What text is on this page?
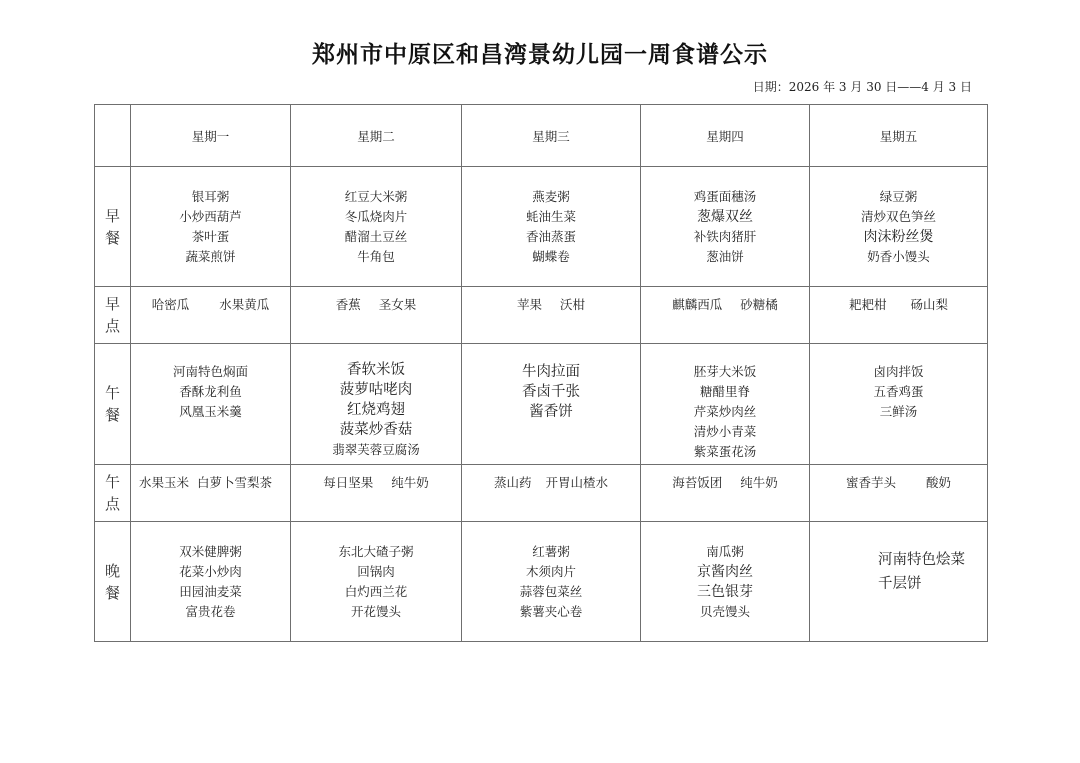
郑州市中原区和昌湾景幼儿园一周食谱公示
日期：2026 年 3 月 30 日——4 月 3 日
	星期一	星期二	星期三	星期四	星期五

早
餐	银耳粥
小炒西葫芦
茶叶蛋
蔬菜煎饼	红豆大米粥
冬瓜烧肉片
醋溜土豆丝
牛角包	燕麦粥
蚝油生菜
香油蒸蛋
蝴蝶卷	鸡蛋面穗汤
葱爆双丝
补铁肉猪肝
葱油饼	绿豆粥
清炒双色笋丝
肉沫粉丝煲
奶香小馒头

早
点	哈密瓜 水果黄瓜	香蕉 圣女果	苹果 沃柑	麒麟西瓜 砂糖橘	耙耙柑 砀山梨

午
餐	河南特色焖面
香酥龙利鱼
风凰玉米羹	香软米饭
菠萝咕咾肉
红烧鸡翅
菠菜炒香菇
翡翠芙蓉豆腐汤	牛肉拉面
香卤千张
酱香饼	胚芽大米饭
糖醋里脊
芹菜炒肉丝
清炒小青菜
紫菜蛋花汤	卤肉拌饭
五香鸡蛋
三鲜汤

午
点	水果玉米 白萝卜雪梨茶	每日坚果 纯牛奶	蒸山药 开胃山楂水	海苔饭团 纯牛奶	蜜香芋头 酸奶

晚
餐	双米健脾粥
花菜小炒肉
田园油麦菜
富贵花卷	东北大碴子粥
回锅肉
白灼西兰花
开花馒头	红薯粥
木须肉片
蒜蓉包菜丝
紫薯夹心卷	南瓜粥
京酱肉丝
三色银芽
贝壳馒头	河南特色烩菜
千层饼
